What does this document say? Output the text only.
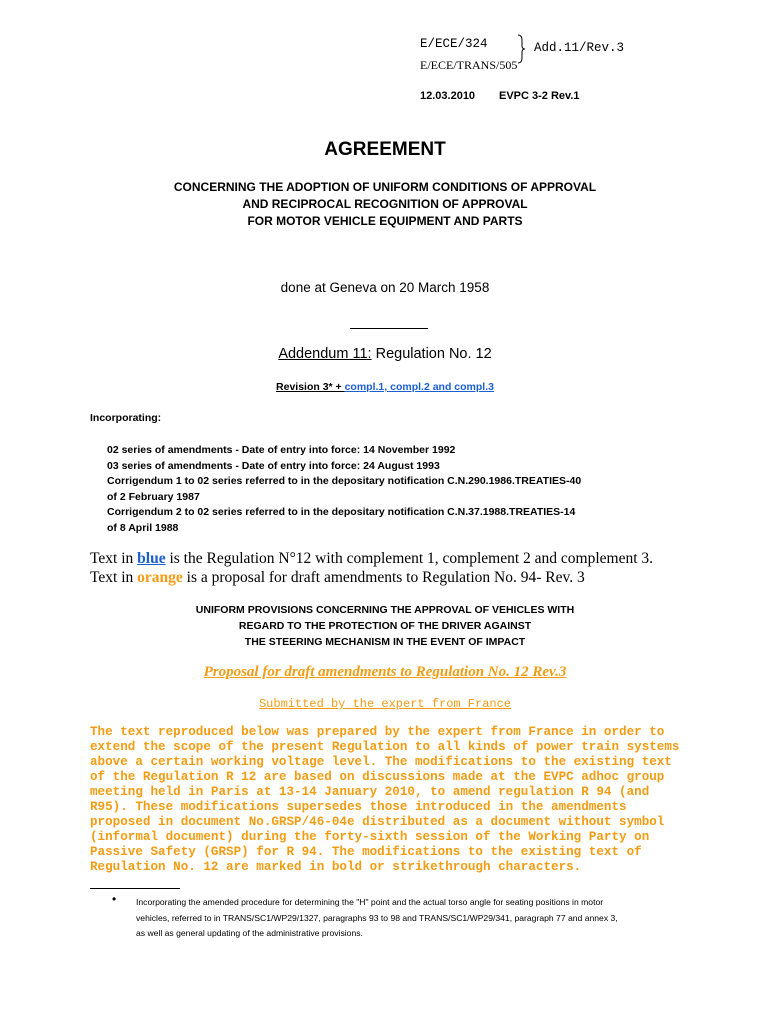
E/ECE/324	Add.11/Rev.3
E/ECE/TRANS/505
12.03.2010 EVPC 3-2 Rev.1
AGREEMENT
CONCERNING THE ADOPTION OF UNIFORM CONDITIONS OF APPROVAL
AND RECIPROCAL RECOGNITION OF APPROVAL
FOR MOTOR VEHICLE EQUIPMENT AND PARTS
done at Geneva on 20 March 1958
Addendum 11: Regulation No. 12
Revision 3* + compl.1, compl.2 and compl.3
Incorporating:
02 series of amendments - Date of entry into force: 14 November 1992
03 series of amendments - Date of entry into force: 24 August 1993
Corrigendum 1 to 02 series referred to in the depositary notification C.N.290.1986.TREATIES-40
of 2 February 1987
Corrigendum 2 to 02 series referred to in the depositary notification C.N.37.1988.TREATIES-14
of 8 April 1988
Text in blue is the Regulation N°12 with complement 1, complement 2 and complement 3.
Text in orange is a proposal for draft amendments to Regulation No. 94- Rev. 3
UNIFORM PROVISIONS CONCERNING THE APPROVAL OF VEHICLES WITH
REGARD TO THE PROTECTION OF THE DRIVER AGAINST
THE STEERING MECHANISM IN THE EVENT OF IMPACT
Proposal for draft amendments to Regulation No. 12 Rev.3
Submitted by the expert from France
The text reproduced below was prepared by the expert from France in order to
extend the scope of the present Regulation to all kinds of power train systems
above a certain working voltage level. The modifications to the existing text
of the Regulation R 12 are based on discussions made at the EVPC adhoc group
meeting held in Paris at 13-14 January 2010, to amend regulation R 94 (and
R95). These modifications supersedes those introduced in the amendments
proposed in document No.GRSP/46-04e distributed as a document without symbol
(informal document) during the forty-sixth session of the Working Party on
Passive Safety (GRSP) for R 94. The modifications to the existing text of
Regulation No. 12 are marked in bold or strikethrough characters.
• Incorporating the amended procedure for determining the "H" point and the actual torso angle for seating positions in motor
vehicles, referred to in TRANS/SC1/WP29/1327, paragraphs 93 to 98 and TRANS/SC1/WP29/341, paragraph 77 and annex 3,
as well as general updating of the administrative provisions.
